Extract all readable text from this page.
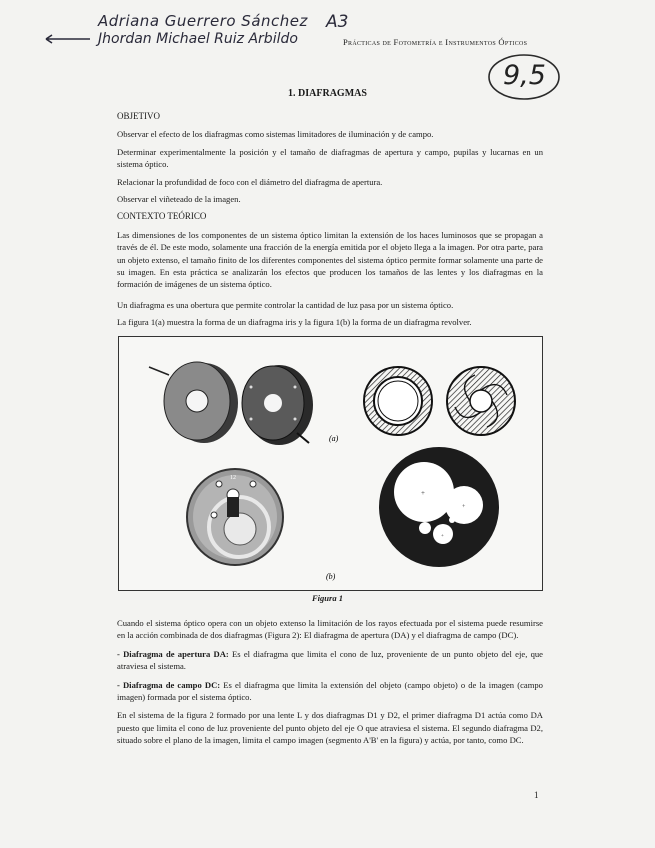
Adriana Guerrero Sánchez
Jhordan Michael Ruiz Arbildo
A3
Prácticas de Fotometría e Instrumentos Ópticos
9,5
1. DIAFRAGMAS

OBJETIVO

Observar el efecto de los diafragmas como sistemas limitadores de iluminación y de campo.

Determinar experimentalmente la posición y el tamaño de diafragmas de apertura y campo, pupilas y lucarnas en un sistema óptico.

Relacionar la profundidad de foco con el diámetro del diafragma de apertura.

Observar el viñeteado de la imagen.

CONTEXTO TEÓRICO

Las dimensiones de los componentes de un sistema óptico limitan la extensión de los haces luminosos que se propagan a través de él. De este modo, solamente una fracción de la energía emitida por el objeto llega a la imagen. Por otra parte, para un objeto extenso, el tamaño finito de los diferentes componentes del sistema óptico permite formar solamente una parte de su imagen. En esta práctica se analizarán los efectos que producen los tamaños de las lentes y los diafragmas en la formación de imágenes de un sistema óptico.

Un diafragma es una obertura que permite controlar la cantidad de luz pasa por un sistema óptico.

La figura 1(a) muestra la forma de un diafragma iris y la figura 1(b) la forma de un diafragma revolver.

(a)
12
+
+
+
(b)
Figura 1

Cuando el sistema óptico opera con un objeto extenso la limitación de los rayos efectuada por el sistema puede resumirse en la acción combinada de dos diafragmas (Figura 2): El diafragma de apertura (DA) y el diafragma de campo (DC).

- Diafragma de apertura DA: Es el diafragma que limita el cono de luz, proveniente de un punto objeto del eje, que atraviesa el sistema.

- Diafragma de campo DC: Es el diafragma que limita la extensión del objeto (campo objeto) o de la imagen (campo imagen) formada por el sistema óptico.

En el sistema de la figura 2 formado por una lente L y dos diafragmas D1 y D2, el primer diafragma D1 actúa como DA puesto que limita el cono de luz proveniente del punto objeto del eje O que atraviesa el sistema. El segundo diafragma D2, situado sobre el plano de la imagen, limita el campo imagen (segmento A'B' en la figura) y actúa, por tanto, como DC.

1
